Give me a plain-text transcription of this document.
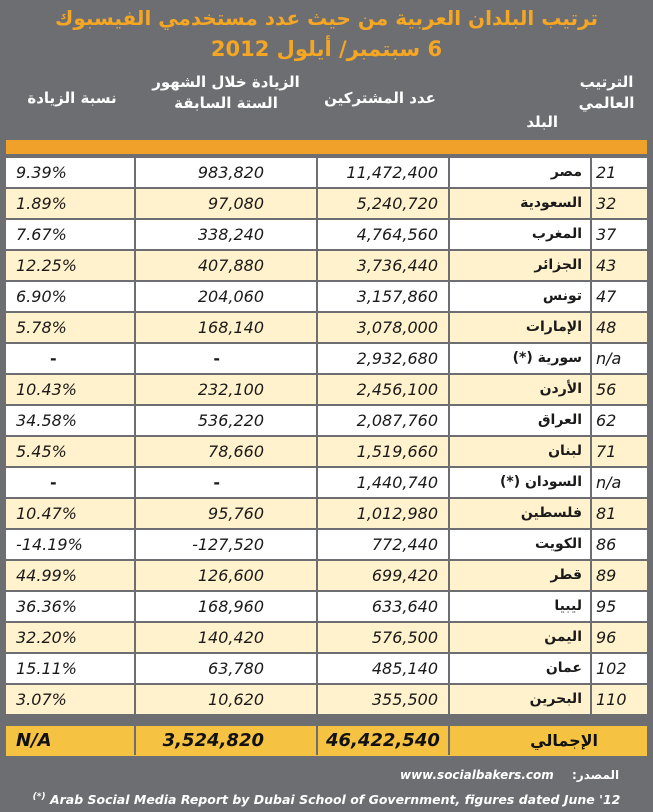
ترتيب البلدان العربية من حيث عدد مستخدمي الفيسبوك
6 سبتمبر/ أيلول 2012
الترتيب
العالمي
البلد
عدد المشتركين
الزيادة خلال الشهور
الستة السابقة
نسبة الزيادة
9.39%	983,820	11,472,400	مصر 21
1.89%	97,080	5,240,720	السعودية 32
7.67%	338,240	4,764,560	المغرب 37
12.25%	407,880	3,736,440	الجزائر 43
6.90%	204,060	3,157,860	تونس 47
5.78%	168,140	3,078,000	الإمارات 48
-	-	2,932,680	سورية (*) n/a
10.43%	232,100	2,456,100	الأردن 56
34.58%	536,220	2,087,760	العراق 62
5.45%	78,660	1,519,660	لبنان 71
-	-	1,440,740	السودان (*) n/a
10.47%	95,760	1,012,980	فلسطين 81
-14.19%	-127,520	772,440	الكويت 86
44.99%	126,600	699,420	قطر 89
36.36%	168,960	633,640	ليبيا 95
32.20%	140,420	576,500	اليمن 96
15.11%	63,780	485,140	عمان 102
3.07%	10,620	355,500	البحرين 110
N/A	3,524,820	46,422,540	الإجمالي
المصدر:
www.socialbakers.com
(*) Arab Social Media Report by Dubai School of Government, figures dated June '12
